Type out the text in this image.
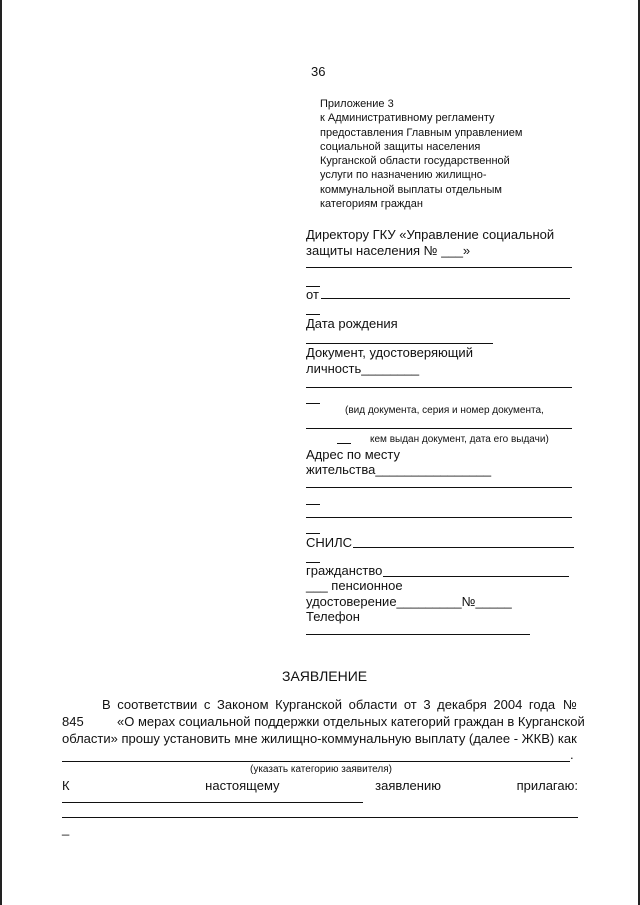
36
Приложение 3
к Административному регламенту
предоставления Главным управлением
социальной защиты населения
Курганской области государственной
услуги по назначению жилищно-
коммунальной выплаты отдельным
категориям граждан
Директору ГКУ «Управление социальной
защиты населения № ___»
от
Дата рождения
Документ, удостоверяющий
личность________
(вид документа, серия и номер документа,
кем выдан документ, дата его выдачи)
Адрес по месту
жительства________________
СНИЛС
гражданство
___ пенсионное
удостоверение_________№_____
Телефон
ЗАЯВЛЕНИЕ
В соответствии с Законом Курганской области от 3 декабря 2004 года №
845	«О мерах социальной поддержки отдельных категорий граждан в Курганской
области» прошу установить мне жилищно-коммунальную выплату (далее - ЖКВ) как
.
(указать категорию заявителя)
К	настоящему	заявлению	прилагаю:
_
